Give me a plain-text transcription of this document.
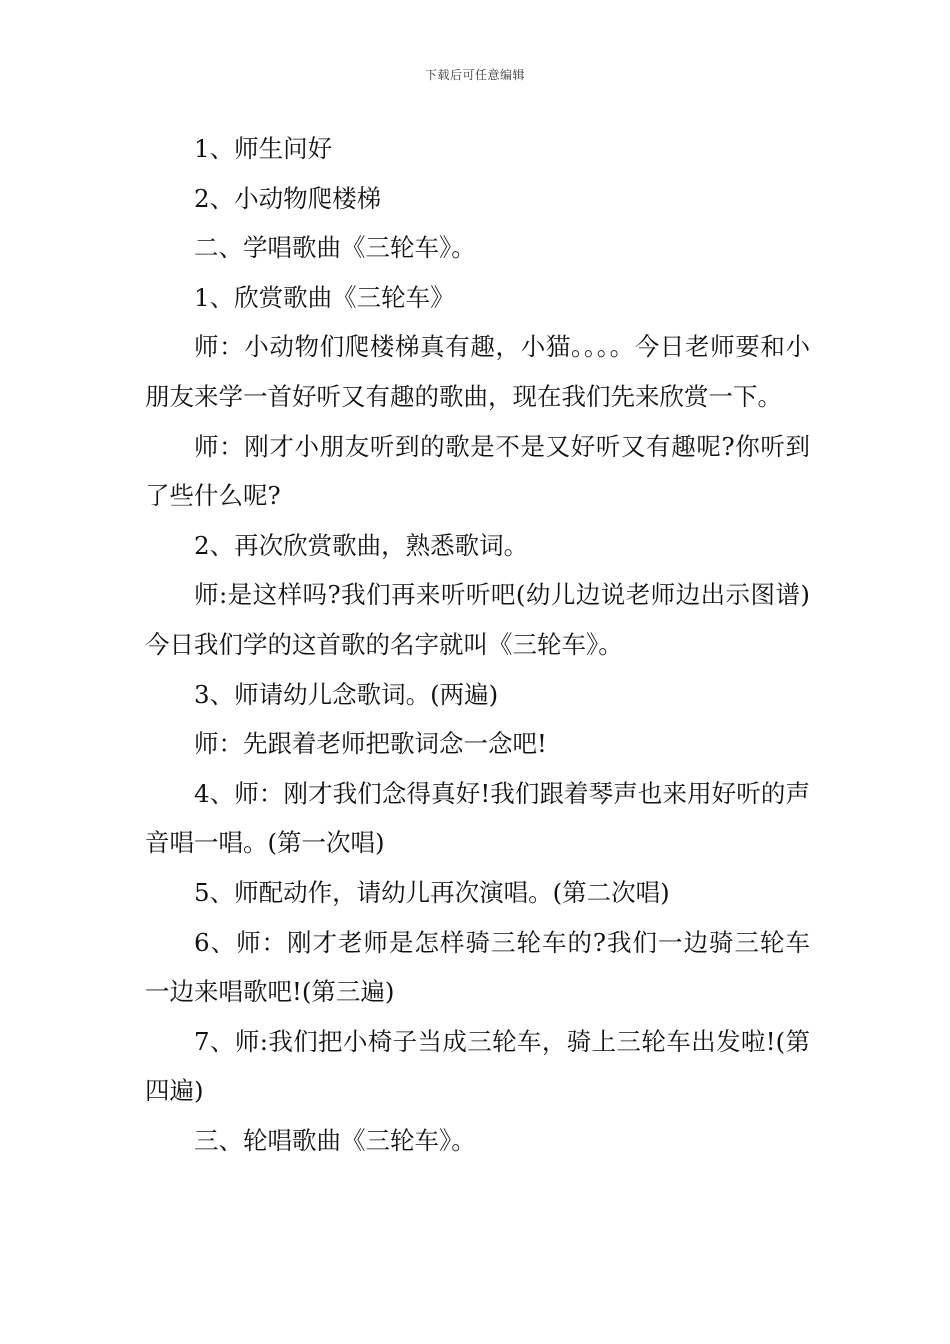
下载后可任意编辑

1、师生问好

2、小动物爬楼梯

二、学唱歌曲《三轮车》。

1、欣赏歌曲《三轮车》

师：小动物们爬楼梯真有趣，小猫。。。。今日老师要和小朋友来学一首好听又有趣的歌曲，现在我们先来欣赏一下。

师：刚才小朋友听到的歌是不是又好听又有趣呢?你听到了些什么呢?

2、再次欣赏歌曲，熟悉歌词。

师:是这样吗?我们再来听听吧(幼儿边说老师边出示图谱)今日我们学的这首歌的名字就叫《三轮车》。

3、师请幼儿念歌词。(两遍)

师：先跟着老师把歌词念一念吧!

4、师：刚才我们念得真好!我们跟着琴声也来用好听的声音唱一唱。(第一次唱)

5、师配动作，请幼儿再次演唱。(第二次唱)

6、师：刚才老师是怎样骑三轮车的?我们一边骑三轮车一边来唱歌吧!(第三遍)

7、师:我们把小椅子当成三轮车，骑上三轮车出发啦!(第四遍)

三、轮唱歌曲《三轮车》。
